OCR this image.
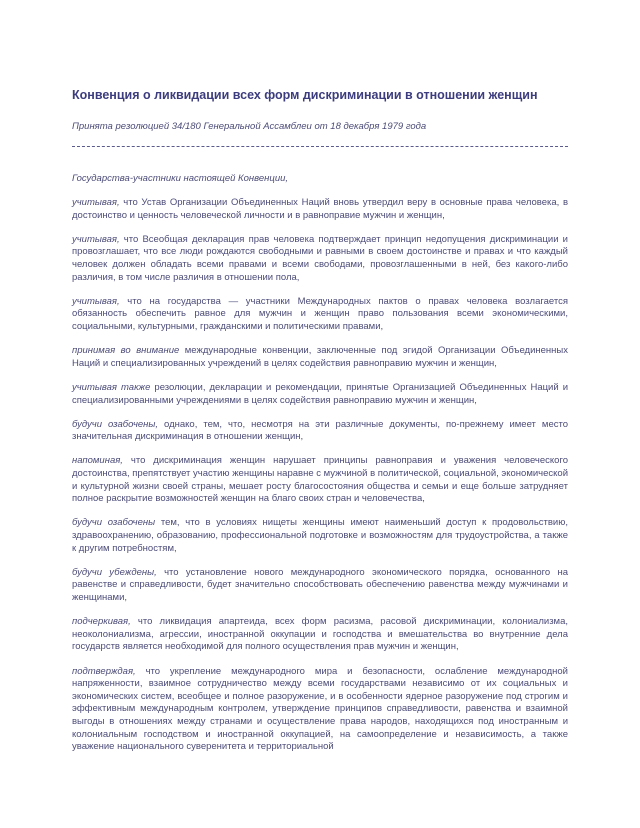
Конвенция о ликвидации всех форм дискриминации в отношении женщин

Принята резолюцией 34/180 Генеральной Ассамблеи от 18 декабря 1979 года

Государства-участники настоящей Конвенции,

учитывая, что Устав Организации Объединенных Наций вновь утвердил веру в основные права человека, в достоинство и ценность человеческой личности и в равноправие мужчин и женщин,

учитывая, что Всеобщая декларация прав человека подтверждает принцип недопущения дискриминации и провозглашает, что все люди рождаются свободными и равными в своем достоинстве и правах и что каждый человек должен обладать всеми правами и всеми свободами, провозглашенными в ней, без какого-либо различия, в том числе различия в отношении пола,

учитывая, что на государства — участники Международных пактов о правах человека возлагается обязанность обеспечить равное для мужчин и женщин право пользования всеми экономическими, социальными, культурными, гражданскими и политическими правами,

принимая во внимание международные конвенции, заключенные под эгидой Организации Объединенных Наций и специализированных учреждений в целях содействия равноправию мужчин и женщин,

учитывая также резолюции, декларации и рекомендации, принятые Организацией Объединенных Наций и специализированными учреждениями в целях содействия равноправию мужчин и женщин,

будучи озабочены, однако, тем, что, несмотря на эти различные документы, по-прежнему имеет место значительная дискриминация в отношении женщин,

напоминая, что дискриминация женщин нарушает принципы равноправия и уважения человеческого достоинства, препятствует участию женщины наравне с мужчиной в политической, социальной, экономической и культурной жизни своей страны, мешает росту благосостояния общества и семьи и еще больше затрудняет полное раскрытие возможностей женщин на благо своих стран и человечества,

будучи озабочены тем, что в условиях нищеты женщины имеют наименьший доступ к продовольствию, здравоохранению, образованию, профессиональной подготовке и возможностям для трудоустройства, а также к другим потребностям,

будучи убеждены, что установление нового международного экономического порядка, основанного на равенстве и справедливости, будет значительно способствовать обеспечению равенства между мужчинами и женщинами,

подчеркивая, что ликвидация апартеида, всех форм расизма, расовой дискриминации, колониализма, неоколониализма, агрессии, иностранной оккупации и господства и вмешательства во внутренние дела государств является необходимой для полного осуществления прав мужчин и женщин,

подтверждая, что укрепление международного мира и безопасности, ослабление международной напряженности, взаимное сотрудничество между всеми государствами независимо от их социальных и экономических систем, всеобщее и полное разоружение, и в особенности ядерное разоружение под строгим и эффективным международным контролем, утверждение принципов справедливости, равенства и взаимной выгоды в отношениях между странами и осуществление права народов, находящихся под иностранным и колониальным господством и иностранной оккупацией, на самоопределение и независимость, а также уважение национального суверенитета и территориальной
